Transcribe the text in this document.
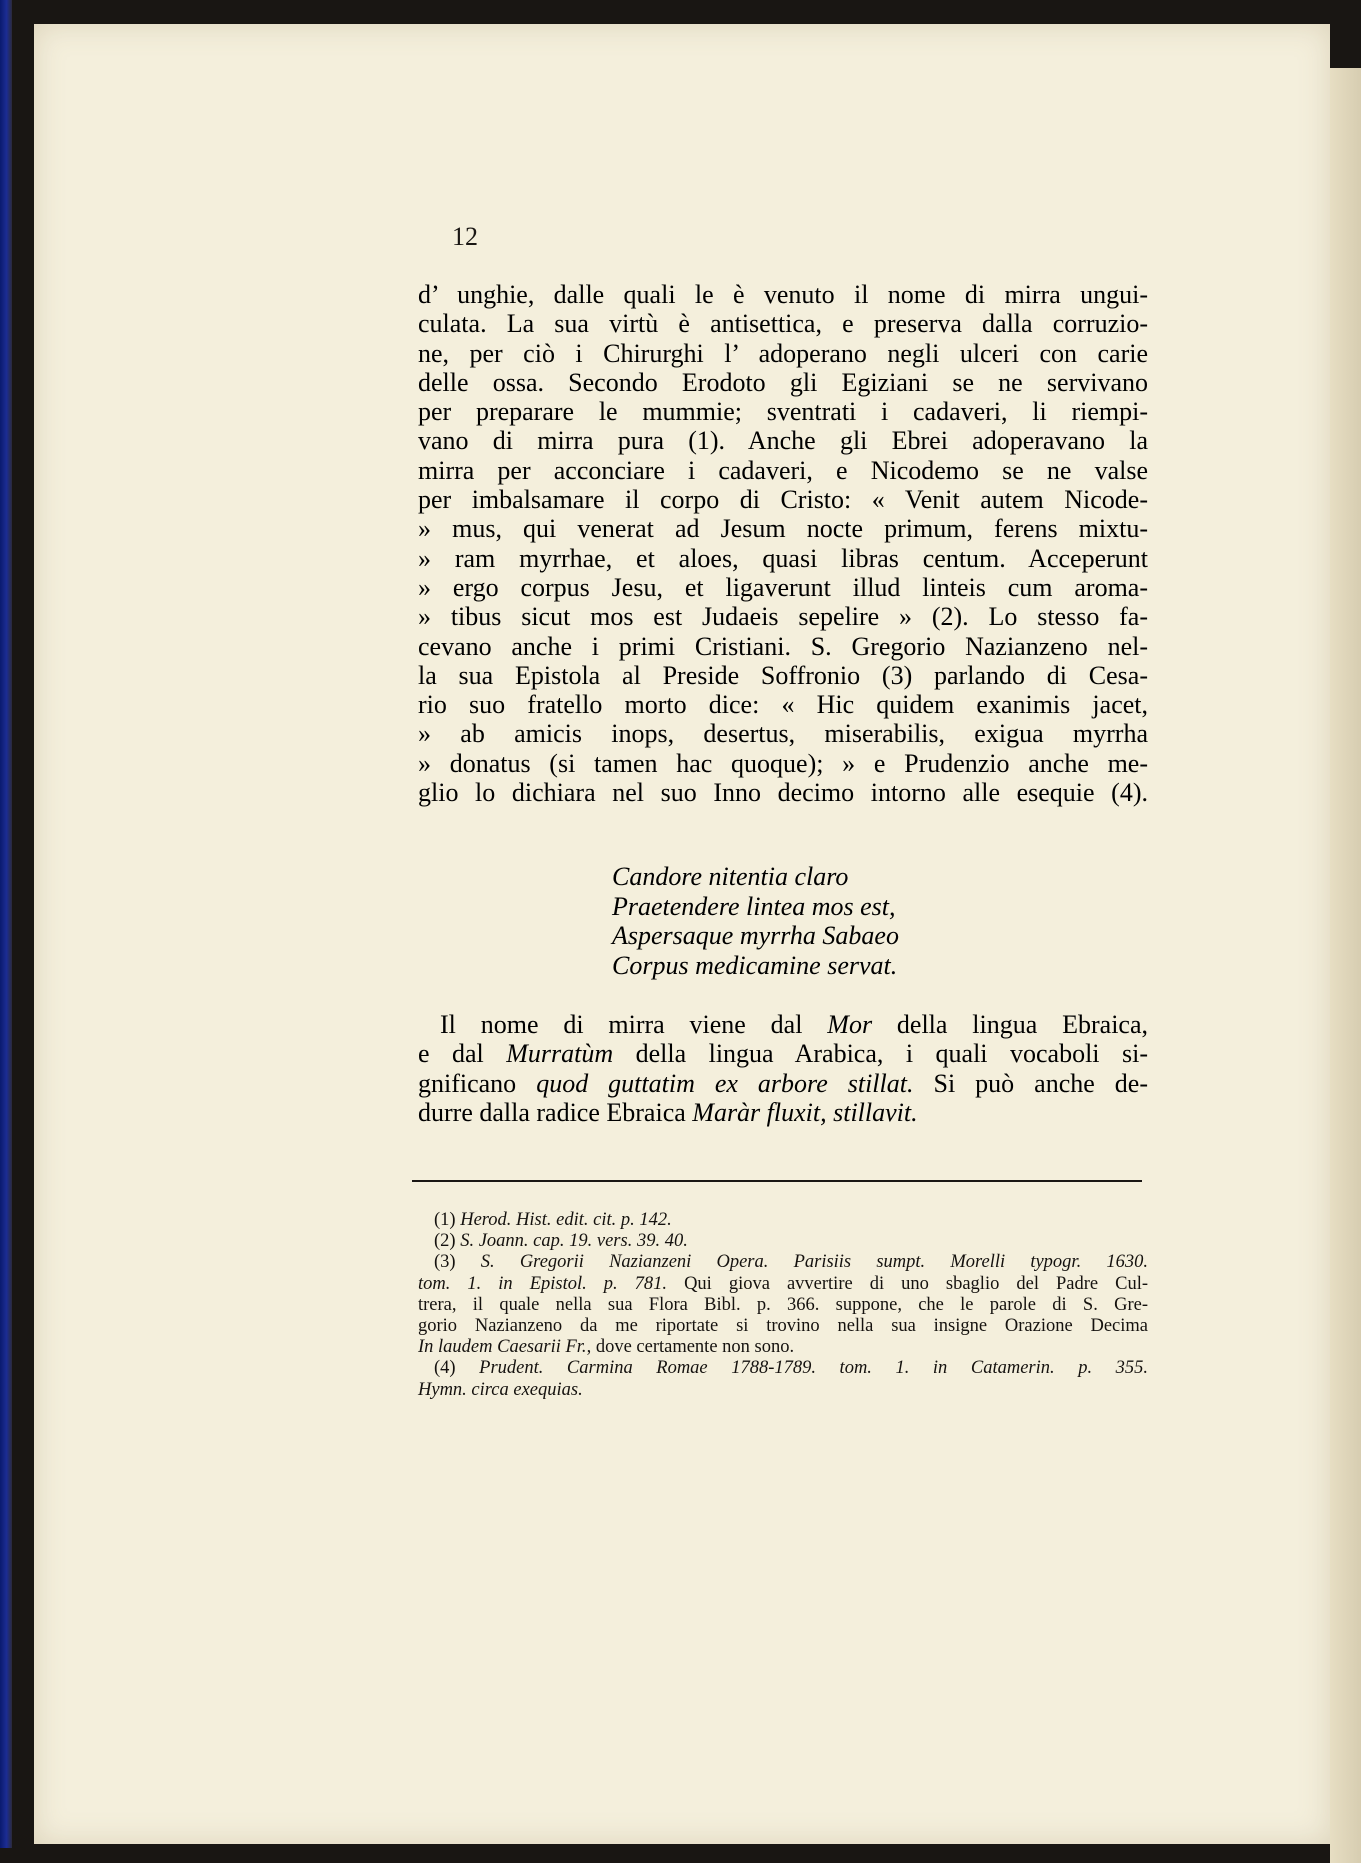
12
d’ unghie, dalle quali le è venuto il nome di mirra ungui-
culata. La sua virtù è antisettica, e preserva dalla corruzio-
ne, per ciò i Chirurghi l’ adoperano negli ulceri con carie
delle ossa. Secondo Erodoto gli Egiziani se ne servivano
per preparare le mummie; sventrati i cadaveri, li riempi-
vano di mirra pura (1). Anche gli Ebrei adoperavano la
mirra per acconciare i cadaveri, e Nicodemo se ne valse
per imbalsamare il corpo di Cristo: « Venit autem Nicode-
» mus, qui venerat ad Jesum nocte primum, ferens mixtu-
» ram myrrhae, et aloes, quasi libras centum. Acceperunt
» ergo corpus Jesu, et ligaverunt illud linteis cum aroma-
» tibus sicut mos est Judaeis sepelire » (2). Lo stesso fa-
cevano anche i primi Cristiani. S. Gregorio Nazianzeno nel-
la sua Epistola al Preside Soffronio (3) parlando di Cesa-
rio suo fratello morto dice: « Hic quidem exanimis jacet,
» ab amicis inops, desertus, miserabilis, exigua myrrha
» donatus (si tamen hac quoque); » e Prudenzio anche me-
glio lo dichiara nel suo Inno decimo intorno alle esequie (4).
Candore nitentia claro
Praetendere lintea mos est,
Aspersaque myrrha Sabaeo
Corpus medicamine servat.
Il nome di mirra viene dal Mor della lingua Ebraica,
e dal Murratùm della lingua Arabica, i quali vocaboli si-
gnificano quod guttatim ex arbore stillat. Si può anche de-
durre dalla radice Ebraica Maràr fluxit, stillavit.
(1) Herod. Hist. edit. cit. p. 142.
(2) S. Joann. cap. 19. vers. 39. 40.
(3) S. Gregorii Nazianzeni Opera. Parisiis sumpt. Morelli typogr. 1630.
tom. 1. in Epistol. p. 781. Qui giova avvertire di uno sbaglio del Padre Cul-
trera, il quale nella sua Flora Bibl. p. 366. suppone, che le parole di S. Gre-
gorio Nazianzeno da me riportate si trovino nella sua insigne Orazione Decima
In laudem Caesarii Fr., dove certamente non sono.
(4) Prudent. Carmina Romae 1788-1789. tom. 1. in Catamerin. p. 355.
Hymn. circa exequias.
